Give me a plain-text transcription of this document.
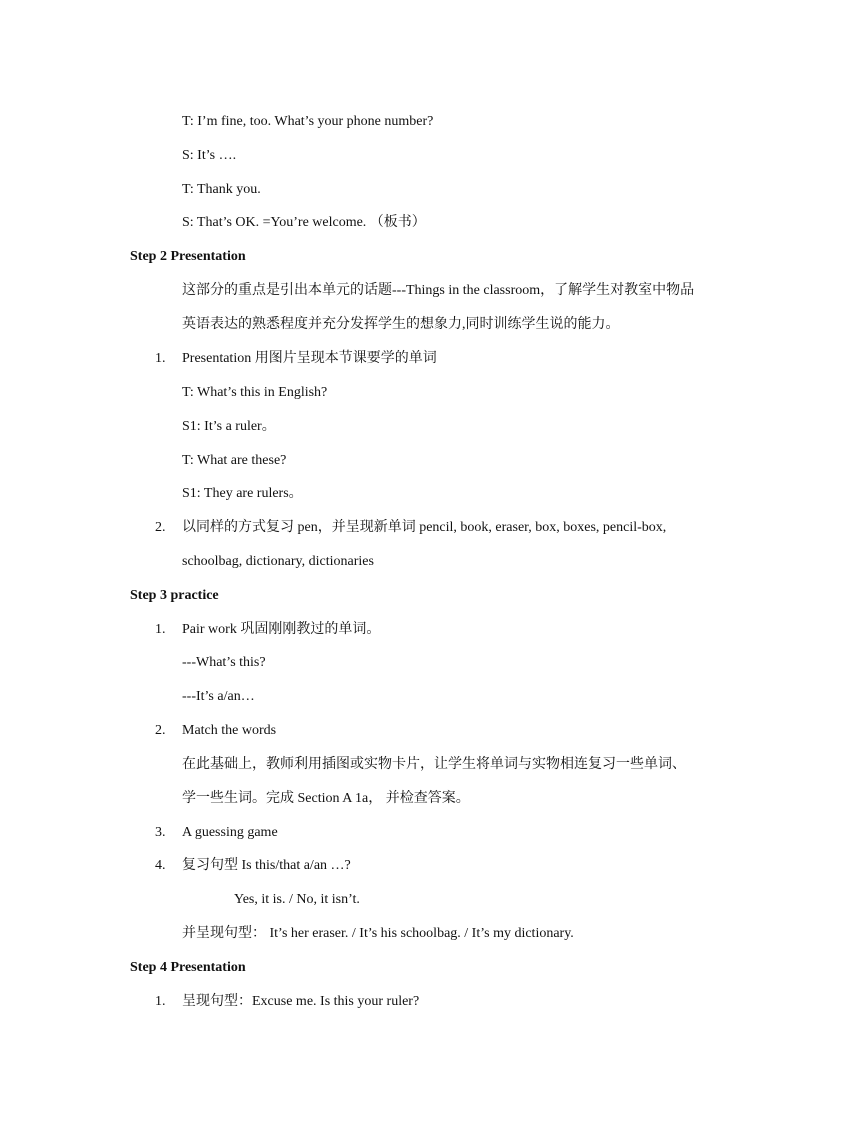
T: I’m fine, too. What’s your phone number?
S: It’s ….
T: Thank you.
S: That’s OK. =You’re welcome. （板书）
Step 2 Presentation
这部分的重点是引出本单元的话题---Things in the classroom，了解学生对教室中物品
英语表达的熟悉程度并充分发挥学生的想象力,同时训练学生说的能力。
1. Presentation 用图片呈现本节课要学的单词
T: What’s this in English?
S1: It’s a ruler。
T: What are these?
S1: They are rulers。
2. 以同样的方式复习 pen，并呈现新单词 pencil, book, eraser, box, boxes, pencil-box,
schoolbag, dictionary, dictionaries
Step 3 practice
1. Pair work 巩固刚刚教过的单词。
---What’s this?
---It’s a/an…
2. Match the words
在此基础上，教师利用插图或实物卡片，让学生将单词与实物相连复习一些单词、
学一些生词。完成 Section A 1a， 并检查答案。
3. A guessing game
4. 复习句型 Is this/that a/an …?
Yes, it is. / No, it isn’t.
并呈现句型： It’s her eraser. / It’s his schoolbag. / It’s my dictionary.
Step 4 Presentation
1. 呈现句型：Excuse me. Is this your ruler?
